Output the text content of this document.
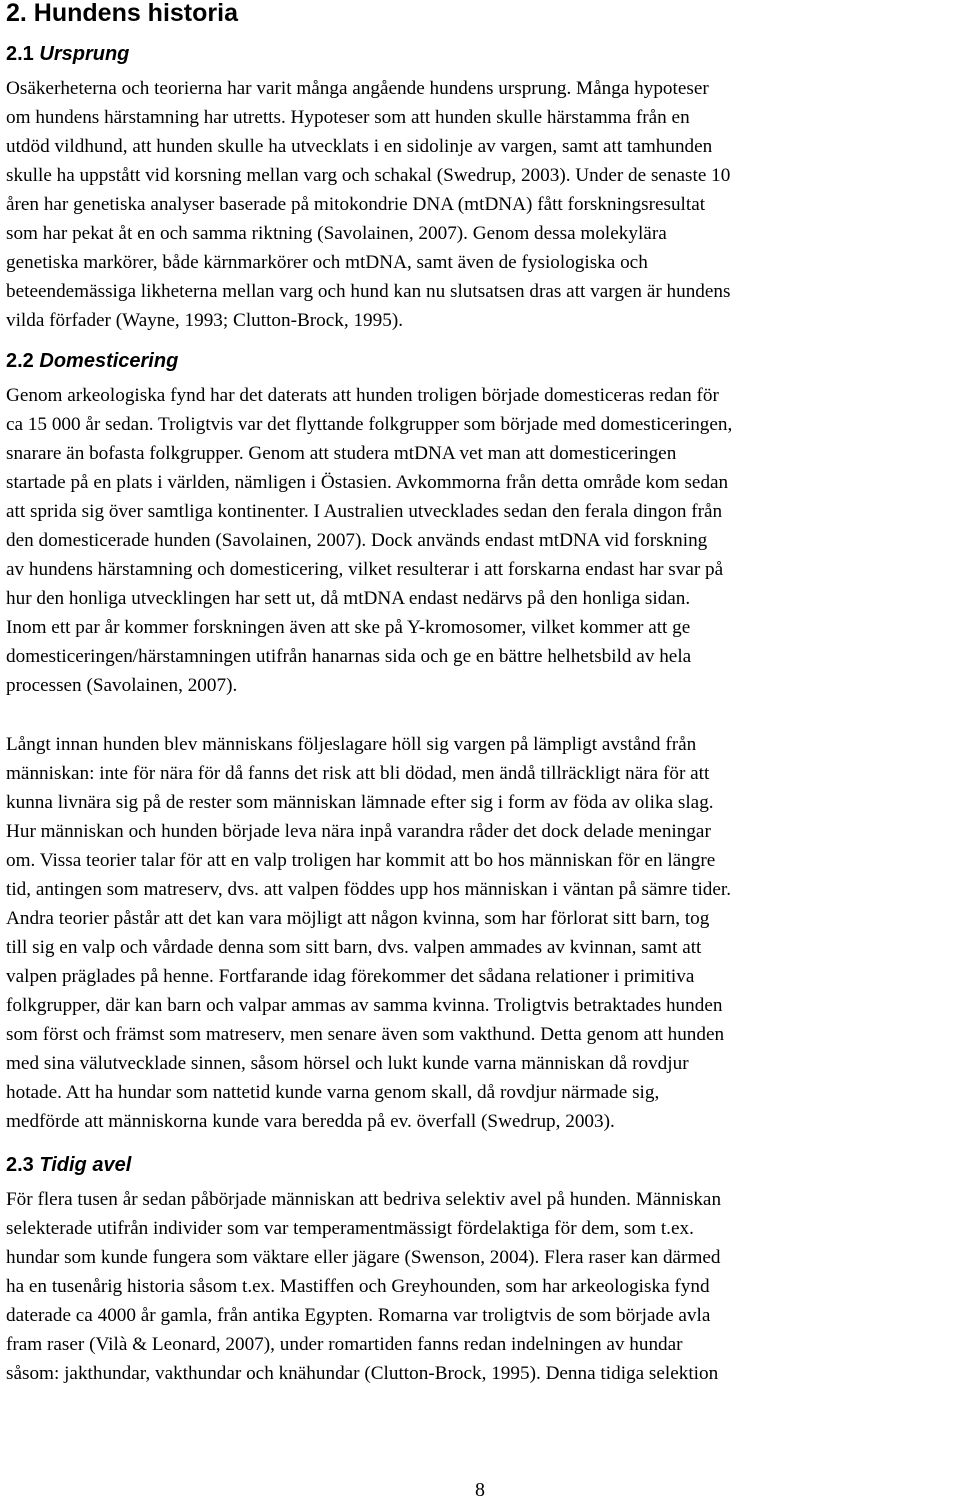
2. Hundens historia
2.1 Ursprung

Osäkerheterna och teorierna har varit många angående hundens ursprung. Många hypoteser
om hundens härstamning har utretts. Hypoteser som att hunden skulle härstamma från en
utdöd vildhund, att hunden skulle ha utvecklats i en sidolinje av vargen, samt att tamhunden
skulle ha uppstått vid korsning mellan varg och schakal (Swedrup, 2003). Under de senaste 10
åren har genetiska analyser baserade på mitokondrie DNA (mtDNA) fått forskningsresultat
som har pekat åt en och samma riktning (Savolainen, 2007). Genom dessa molekylära
genetiska markörer, både kärnmarkörer och mtDNA, samt även de fysiologiska och
beteendemässiga likheterna mellan varg och hund kan nu slutsatsen dras att vargen är hundens
vilda förfader (Wayne, 1993; Clutton-Brock, 1995).

2.2 Domesticering

Genom arkeologiska fynd har det daterats att hunden troligen började domesticeras redan för
ca 15 000 år sedan. Troligtvis var det flyttande folkgrupper som började med domesticeringen,
snarare än bofasta folkgrupper. Genom att studera mtDNA vet man att domesticeringen
startade på en plats i världen, nämligen i Östasien. Avkommorna från detta område kom sedan
att sprida sig över samtliga kontinenter. I Australien utvecklades sedan den ferala dingon från
den domesticerade hunden (Savolainen, 2007). Dock används endast mtDNA vid forskning
av hundens härstamning och domesticering, vilket resulterar i att forskarna endast har svar på
hur den honliga utvecklingen har sett ut, då mtDNA endast nedärvs på den honliga sidan.
Inom ett par år kommer forskningen även att ske på Y-kromosomer, vilket kommer att ge
domesticeringen/härstamningen utifrån hanarnas sida och ge en bättre helhetsbild av hela
processen (Savolainen, 2007).

Långt innan hunden blev människans följeslagare höll sig vargen på lämpligt avstånd från
människan: inte för nära för då fanns det risk att bli dödad, men ändå tillräckligt nära för att
kunna livnära sig på de rester som människan lämnade efter sig i form av föda av olika slag.
Hur människan och hunden började leva nära inpå varandra råder det dock delade meningar
om. Vissa teorier talar för att en valp troligen har kommit att bo hos människan för en längre
tid, antingen som matreserv, dvs. att valpen föddes upp hos människan i väntan på sämre tider.
Andra teorier påstår att det kan vara möjligt att någon kvinna, som har förlorat sitt barn, tog
till sig en valp och vårdade denna som sitt barn, dvs. valpen ammades av kvinnan, samt att
valpen präglades på henne. Fortfarande idag förekommer det sådana relationer i primitiva
folkgrupper, där kan barn och valpar ammas av samma kvinna. Troligtvis betraktades hunden
som först och främst som matreserv, men senare även som vakthund. Detta genom att hunden
med sina välutvecklade sinnen, såsom hörsel och lukt kunde varna människan då rovdjur
hotade. Att ha hundar som nattetid kunde varna genom skall, då rovdjur närmade sig,
medförde att människorna kunde vara beredda på ev. överfall (Swedrup, 2003).

2.3 Tidig avel

För flera tusen år sedan påbörjade människan att bedriva selektiv avel på hunden. Människan
selekterade utifrån individer som var temperamentmässigt fördelaktiga för dem, som t.ex.
hundar som kunde fungera som väktare eller jägare (Swenson, 2004). Flera raser kan därmed
ha en tusenårig historia såsom t.ex. Mastiffen och Greyhounden, som har arkeologiska fynd
daterade ca 4000 år gamla, från antika Egypten. Romarna var troligtvis de som började avla
fram raser (Vilà & Leonard, 2007), under romartiden fanns redan indelningen av hundar
såsom: jakthundar, vakthundar och knähundar (Clutton-Brock, 1995). Denna tidiga selektion

8
